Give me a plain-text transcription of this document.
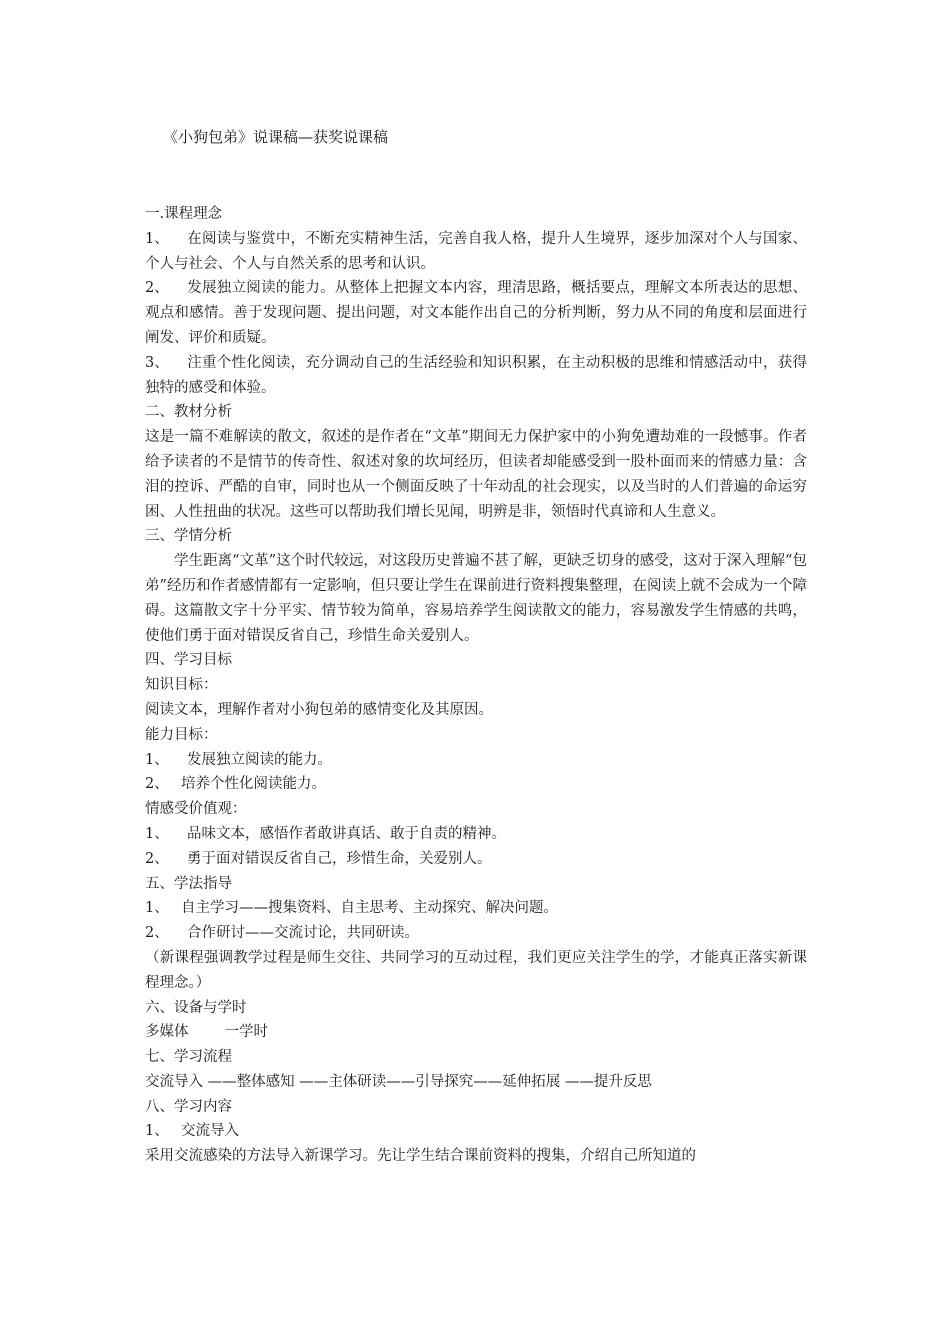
《小狗包弟》说课稿—获奖说课稿

一.课程理念

1、 在阅读与鉴赏中，不断充实精神生活，完善自我人格，提升人生境界，逐步加深对个人与国家、个人与社会、个人与自然关系的思考和认识。

2、 发展独立阅读的能力。从整体上把握文本内容，理清思路，概括要点，理解文本所表达的思想、观点和感情。善于发现问题、提出问题，对文本能作出自己的分析判断，努力从不同的角度和层面进行阐发、评价和质疑。

3、 注重个性化阅读，充分调动自己的生活经验和知识积累，在主动积极的思维和情感活动中，获得独特的感受和体验。

二、教材分析

这是一篇不难解读的散文，叙述的是作者在“文革”期间无力保护家中的小狗免遭劫难的一段憾事。作者给予读者的不是情节的传奇性、叙述对象的坎坷经历，但读者却能感受到一股朴面而来的情感力量：含泪的控诉、严酷的自审，同时也从一个侧面反映了十年动乱的社会现实，以及当时的人们普遍的命运穷困、人性扭曲的状况。这些可以帮助我们增长见闻，明辨是非，领悟时代真谛和人生意义。

三、学情分析

学生距离“文革”这个时代较远，对这段历史普遍不甚了解，更缺乏切身的感受，这对于深入理解“包弟”经历和作者感情都有一定影响，但只要让学生在课前进行资料搜集整理，在阅读上就不会成为一个障碍。这篇散文字十分平实、情节较为简单，容易培养学生阅读散文的能力，容易激发学生情感的共鸣，使他们勇于面对错误反省自己，珍惜生命关爱别人。

四、学习目标

知识目标：

阅读文本，理解作者对小狗包弟的感情变化及其原因。

能力目标：

1、 发展独立阅读的能力。

2、 培养个性化阅读能力。

情感受价值观：

1、 品味文本，感悟作者敢讲真话、敢于自责的精神。

2、 勇于面对错误反省自己，珍惜生命，关爱别人。

五、学法指导

1、 自主学习——搜集资料、自主思考、主动探究、解决问题。

2、 合作研讨——交流讨论，共同研读。

（新课程强调教学过程是师生交往、共同学习的互动过程，我们更应关注学生的学，才能真正落实新课程理念。）

六、设备与学时

多媒体 一学时

七、学习流程

交流导入 ——整体感知 ——主体研读——引导探究——延伸拓展 ——提升反思

八、学习内容

1、 交流导入

采用交流感染的方法导入新课学习。先让学生结合课前资料的搜集，介绍自己所知道的
